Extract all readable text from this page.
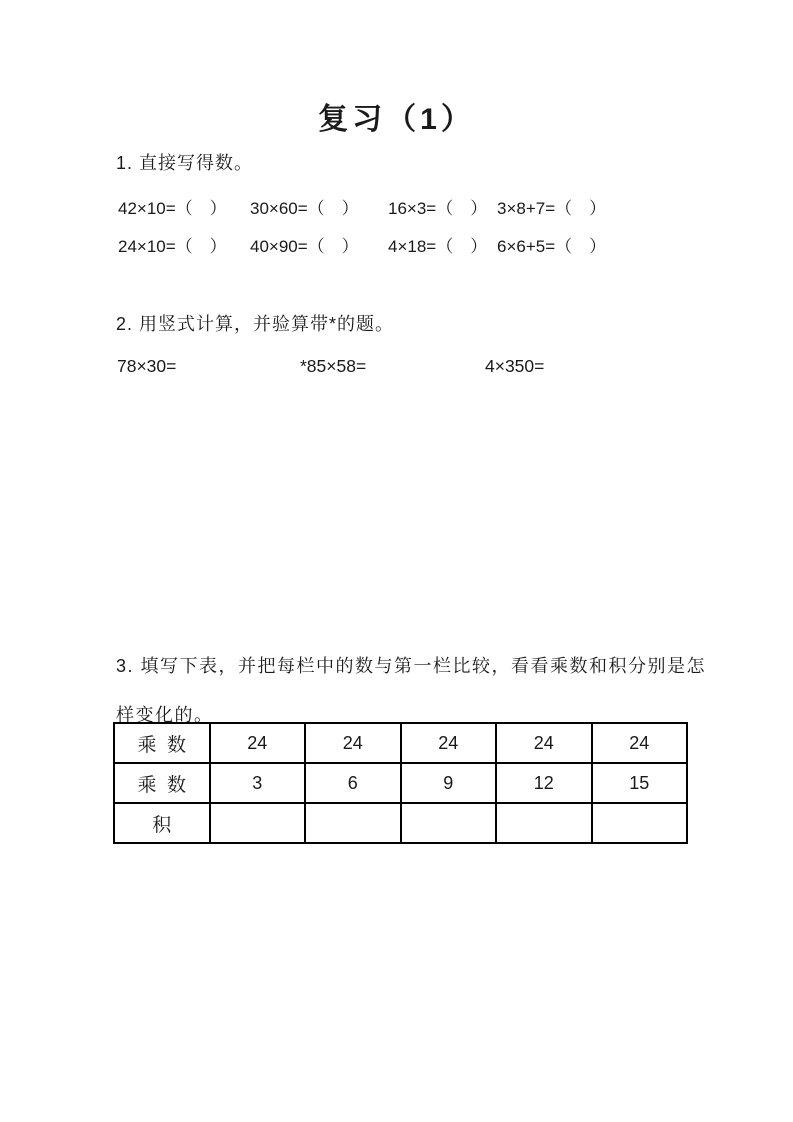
复习（1）
1. 直接写得数。
42×10=（　）	30×60=（　）	16×3=（　） 3×8+7=（　）
24×10=（　）	40×90=（　）	4×18=（　） 6×6+5=（　）
2. 用竖式计算，并验算带*的题。
78×30=	*85×58=	4×350=
3. 填写下表，并把每栏中的数与第一栏比较，看看乘数和积分别是怎
样变化的。
乘数	24	24	24	24	24
乘数	3	6	9	12	15
积					
